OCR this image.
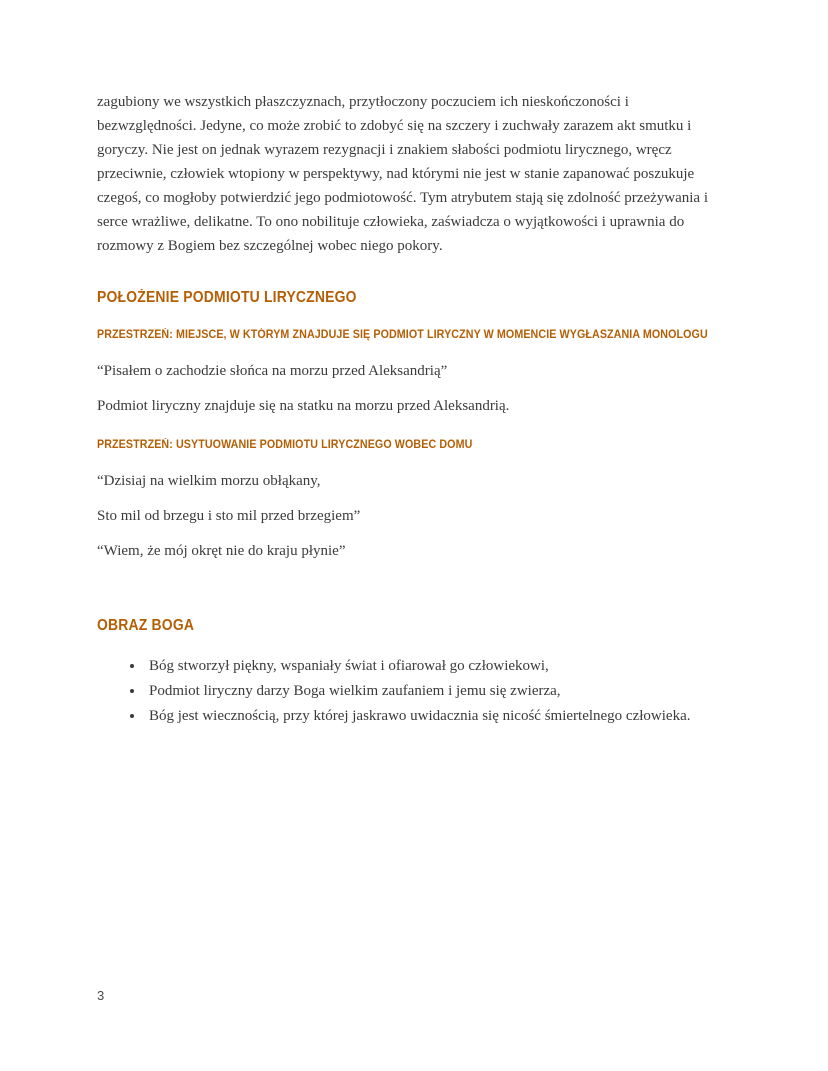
zagubiony we wszystkich płaszczyznach, przytłoczony poczuciem ich nieskończoności i bezwzględności. Jedyne, co może zrobić to zdobyć się na szczery i zuchwały zarazem akt smutku i goryczy. Nie jest on jednak wyrazem rezygnacji i znakiem słabości podmiotu lirycznego, wręcz przeciwnie, człowiek wtopiony w perspektywy, nad którymi nie jest w stanie zapanować poszukuje czegoś, co mogłoby potwierdzić jego podmiotowość. Tym atrybutem stają się zdolność przeżywania i serce wrażliwe, delikatne. To ono nobilituje człowieka, zaświadcza o wyjątkowości i uprawnia do rozmowy z Bogiem bez szczególnej wobec niego pokory.

POŁOŻENIE PODMIOTU LIRYCZNEGO
PRZESTRZEŃ: MIEJSCE, W KTÓRYM ZNAJDUJE SIĘ PODMIOT LIRYCZNY W MOMENCIE WYGŁASZANIA MONOLOGU

“Pisałem o zachodzie słońca na morzu przed Aleksandrią”

Podmiot liryczny znajduje się na statku na morzu przed Aleksandrią.

PRZESTRZEŃ: USYTUOWANIE PODMIOTU LIRYCZNEGO WOBEC DOMU

“Dzisiaj na wielkim morzu obłąkany,

Sto mil od brzegu i sto mil przed brzegiem”

“Wiem, że mój okręt nie do kraju płynie”

OBRAZ BOGA
• Bóg stworzył piękny, wspaniały świat i ofiarował go człowiekowi,
• Podmiot liryczny darzy Boga wielkim zaufaniem i jemu się zwierza,
• Bóg jest wiecznością, przy której jaskrawo uwidacznia się nicość śmiertelnego człowieka.
3
